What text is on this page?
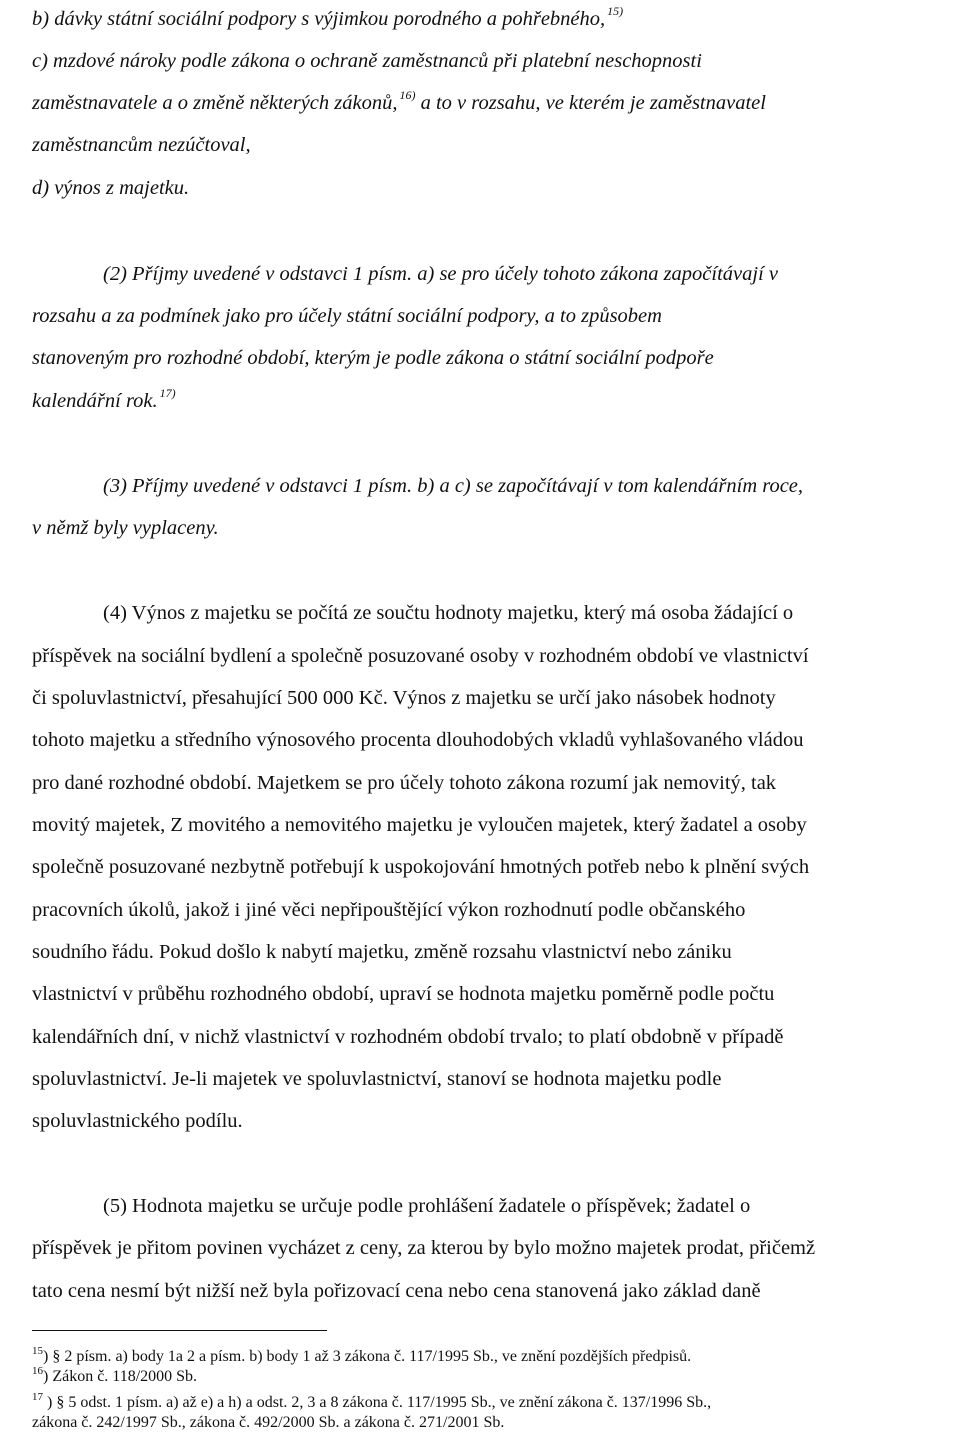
b) dávky státní sociální podpory s výjimkou porodného a pohřebného, $^{15)}$
c) mzdové nároky podle zákona o ochraně zaměstnanců při platební neschopnosti
zaměstnavatele a o změně některých zákonů, $^{16)}$ a to v rozsahu, ve kterém je zaměstnavatel
zaměstnancům nezúčtoval,
d) výnos z majetku.
(2) Příjmy uvedené v odstavci 1 písm. a) se pro účely tohoto zákona započítávají v
rozsahu a za podmínek jako pro účely státní sociální podpory, a to způsobem
stanoveným pro rozhodné období, kterým je podle zákona o státní sociální podpoře
kalendářní rok. $^{17)}$
(3) Příjmy uvedené v odstavci 1 písm. b) a c) se započítávají v tom kalendářním roce,
v němž byly vyplaceny.
(4) Výnos z majetku se počítá ze součtu hodnoty majetku, který má osoba žádající o
příspěvek na sociální bydlení a společně posuzované osoby v rozhodném období ve vlastnictví
či spoluvlastnictví, přesahující 500 000 Kč. Výnos z majetku se určí jako násobek hodnoty
tohoto majetku a středního výnosového procenta dlouhodobých vkladů vyhlašovaného vládou
pro dané rozhodné období. Majetkem se pro účely tohoto zákona rozumí jak nemovitý, tak
movitý majetek, Z movitého a nemovitého majetku je vyloučen majetek, který žadatel a osoby
společně posuzované nezbytně potřebují k uspokojování hmotných potřeb nebo k plnění svých
pracovních úkolů, jakož i jiné věci nepřipouštějící výkon rozhodnutí podle občanského
soudního řádu. Pokud došlo k nabytí majetku, změně rozsahu vlastnictví nebo zániku
vlastnictví v průběhu rozhodného období, upraví se hodnota majetku poměrně podle počtu
kalendářních dní, v nichž vlastnictví v rozhodném období trvalo; to platí obdobně v případě
spoluvlastnictví. Je-li majetek ve spoluvlastnictví, stanoví se hodnota majetku podle
spoluvlastnického podílu.
(5) Hodnota majetku se určuje podle prohlášení žadatele o příspěvek; žadatel o
příspěvek je přitom povinen vycházet z ceny, za kterou by bylo možno majetek prodat, přičemž
tato cena nesmí být nižší než byla pořizovací cena nebo cena stanovená jako základ daně
$^{15}$) § 2 písm. a) body 1a 2 a písm. b) body 1 až 3 zákona č. 117/1995 Sb., ve znění pozdějších předpisů.
$^{16}$) Zákon č. 118/2000 Sb.
$^{17}$ ) § 5 odst. 1 písm. a) až e) a h) a odst. 2, 3 a 8 zákona č. 117/1995 Sb., ve znění zákona č. 137/1996 Sb.,
zákona č. 242/1997 Sb., zákona č. 492/2000 Sb. a zákona č. 271/2001 Sb.
